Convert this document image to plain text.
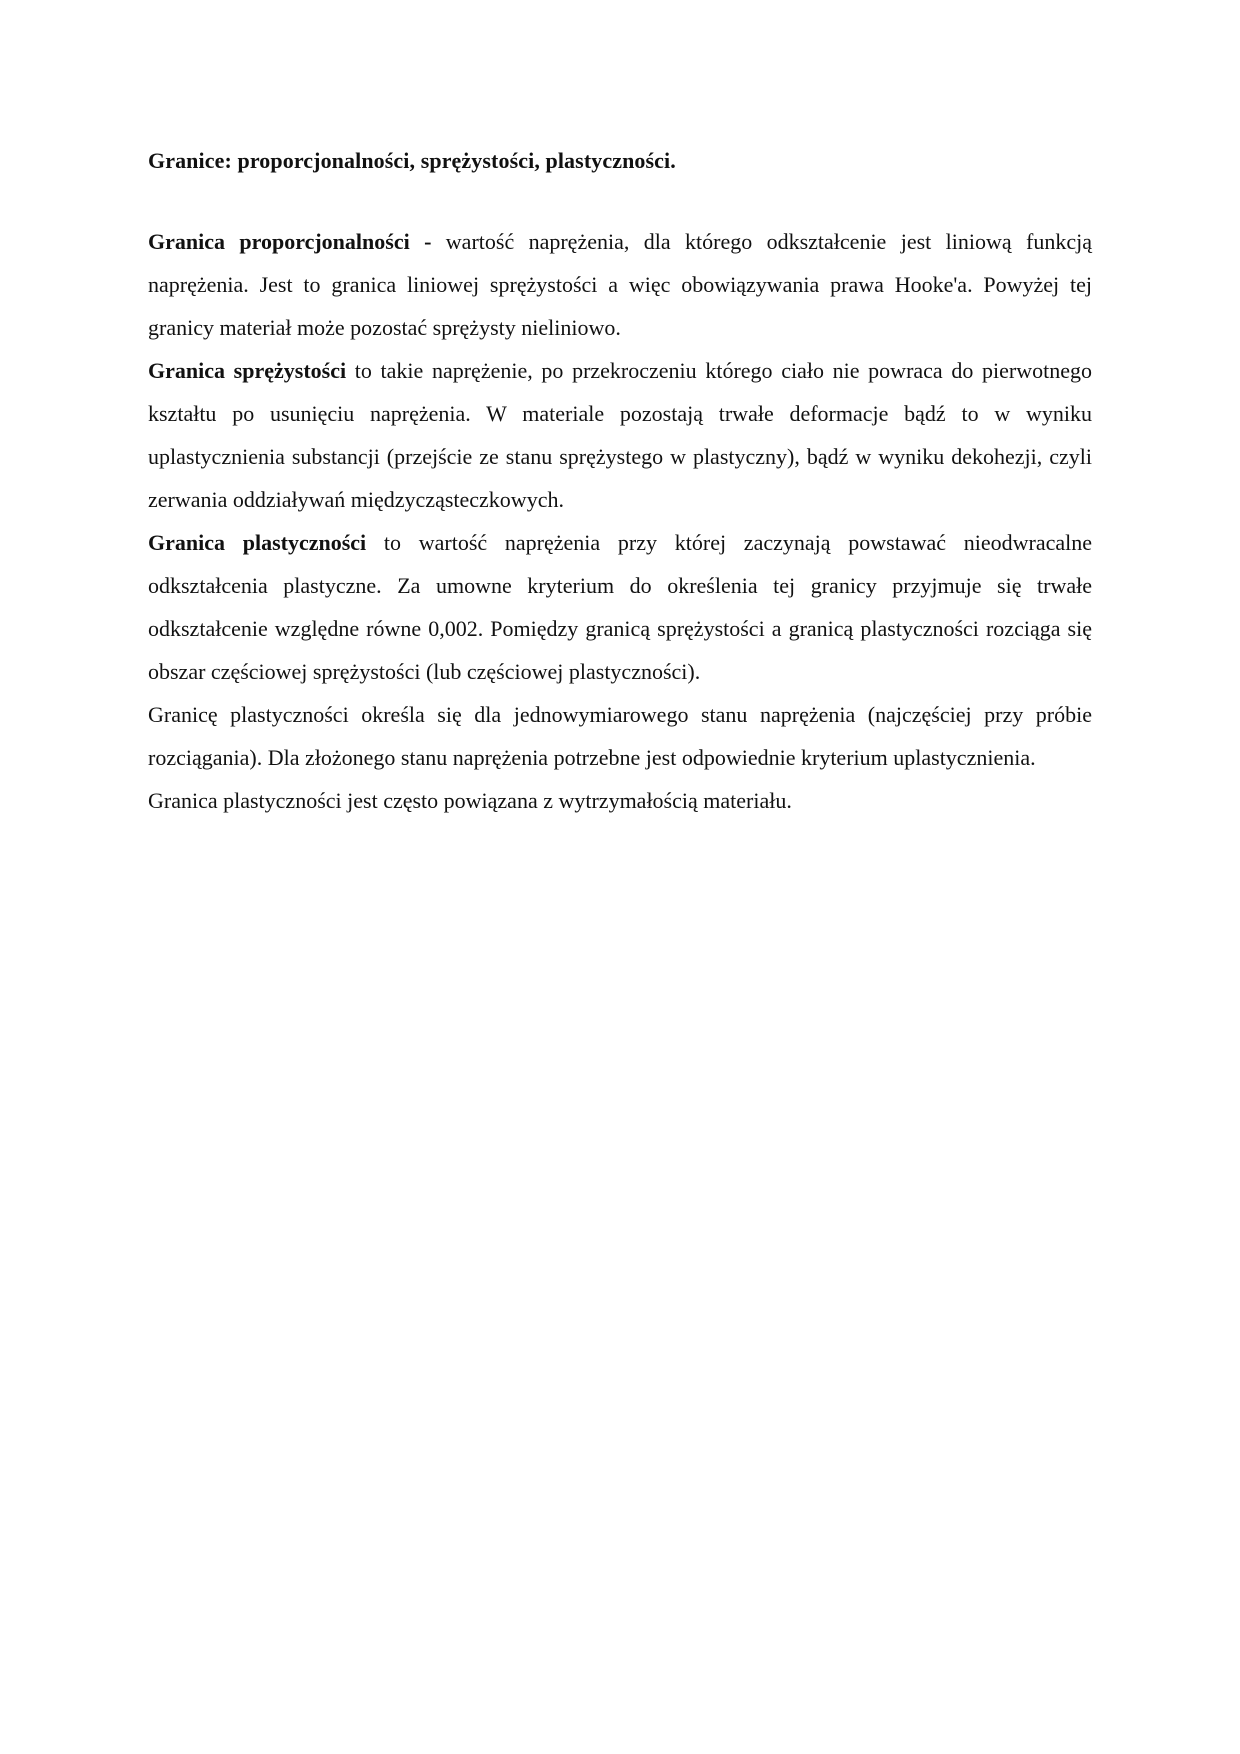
Granice: proporcjonalności, sprężystości, plastyczności.

Granica proporcjonalności - wartość naprężenia, dla którego odkształcenie jest liniową funkcją naprężenia. Jest to granica liniowej sprężystości a więc obowiązywania prawa Hooke'a. Powyżej tej granicy materiał może pozostać sprężysty nieliniowo.

Granica sprężystości to takie naprężenie, po przekroczeniu którego ciało nie powraca do pierwotnego kształtu po usunięciu naprężenia. W materiale pozostają trwałe deformacje bądź to w wyniku uplastycznienia substancji (przejście ze stanu sprężystego w plastyczny), bądź w wyniku dekohezji, czyli zerwania oddziaływań międzycząsteczkowych.

Granica plastyczności to wartość naprężenia przy której zaczynają powstawać nieodwracalne odkształcenia plastyczne. Za umowne kryterium do określenia tej granicy przyjmuje się trwałe odkształcenie względne równe 0,002. Pomiędzy granicą sprężystości a granicą plastyczności rozciąga się obszar częściowej sprężystości (lub częściowej plastyczności).

Granicę plastyczności określa się dla jednowymiarowego stanu naprężenia (najczęściej przy próbie rozciągania). Dla złożonego stanu naprężenia potrzebne jest odpowiednie kryterium uplastycznienia.

Granica plastyczności jest często powiązana z wytrzymałością materiału.
